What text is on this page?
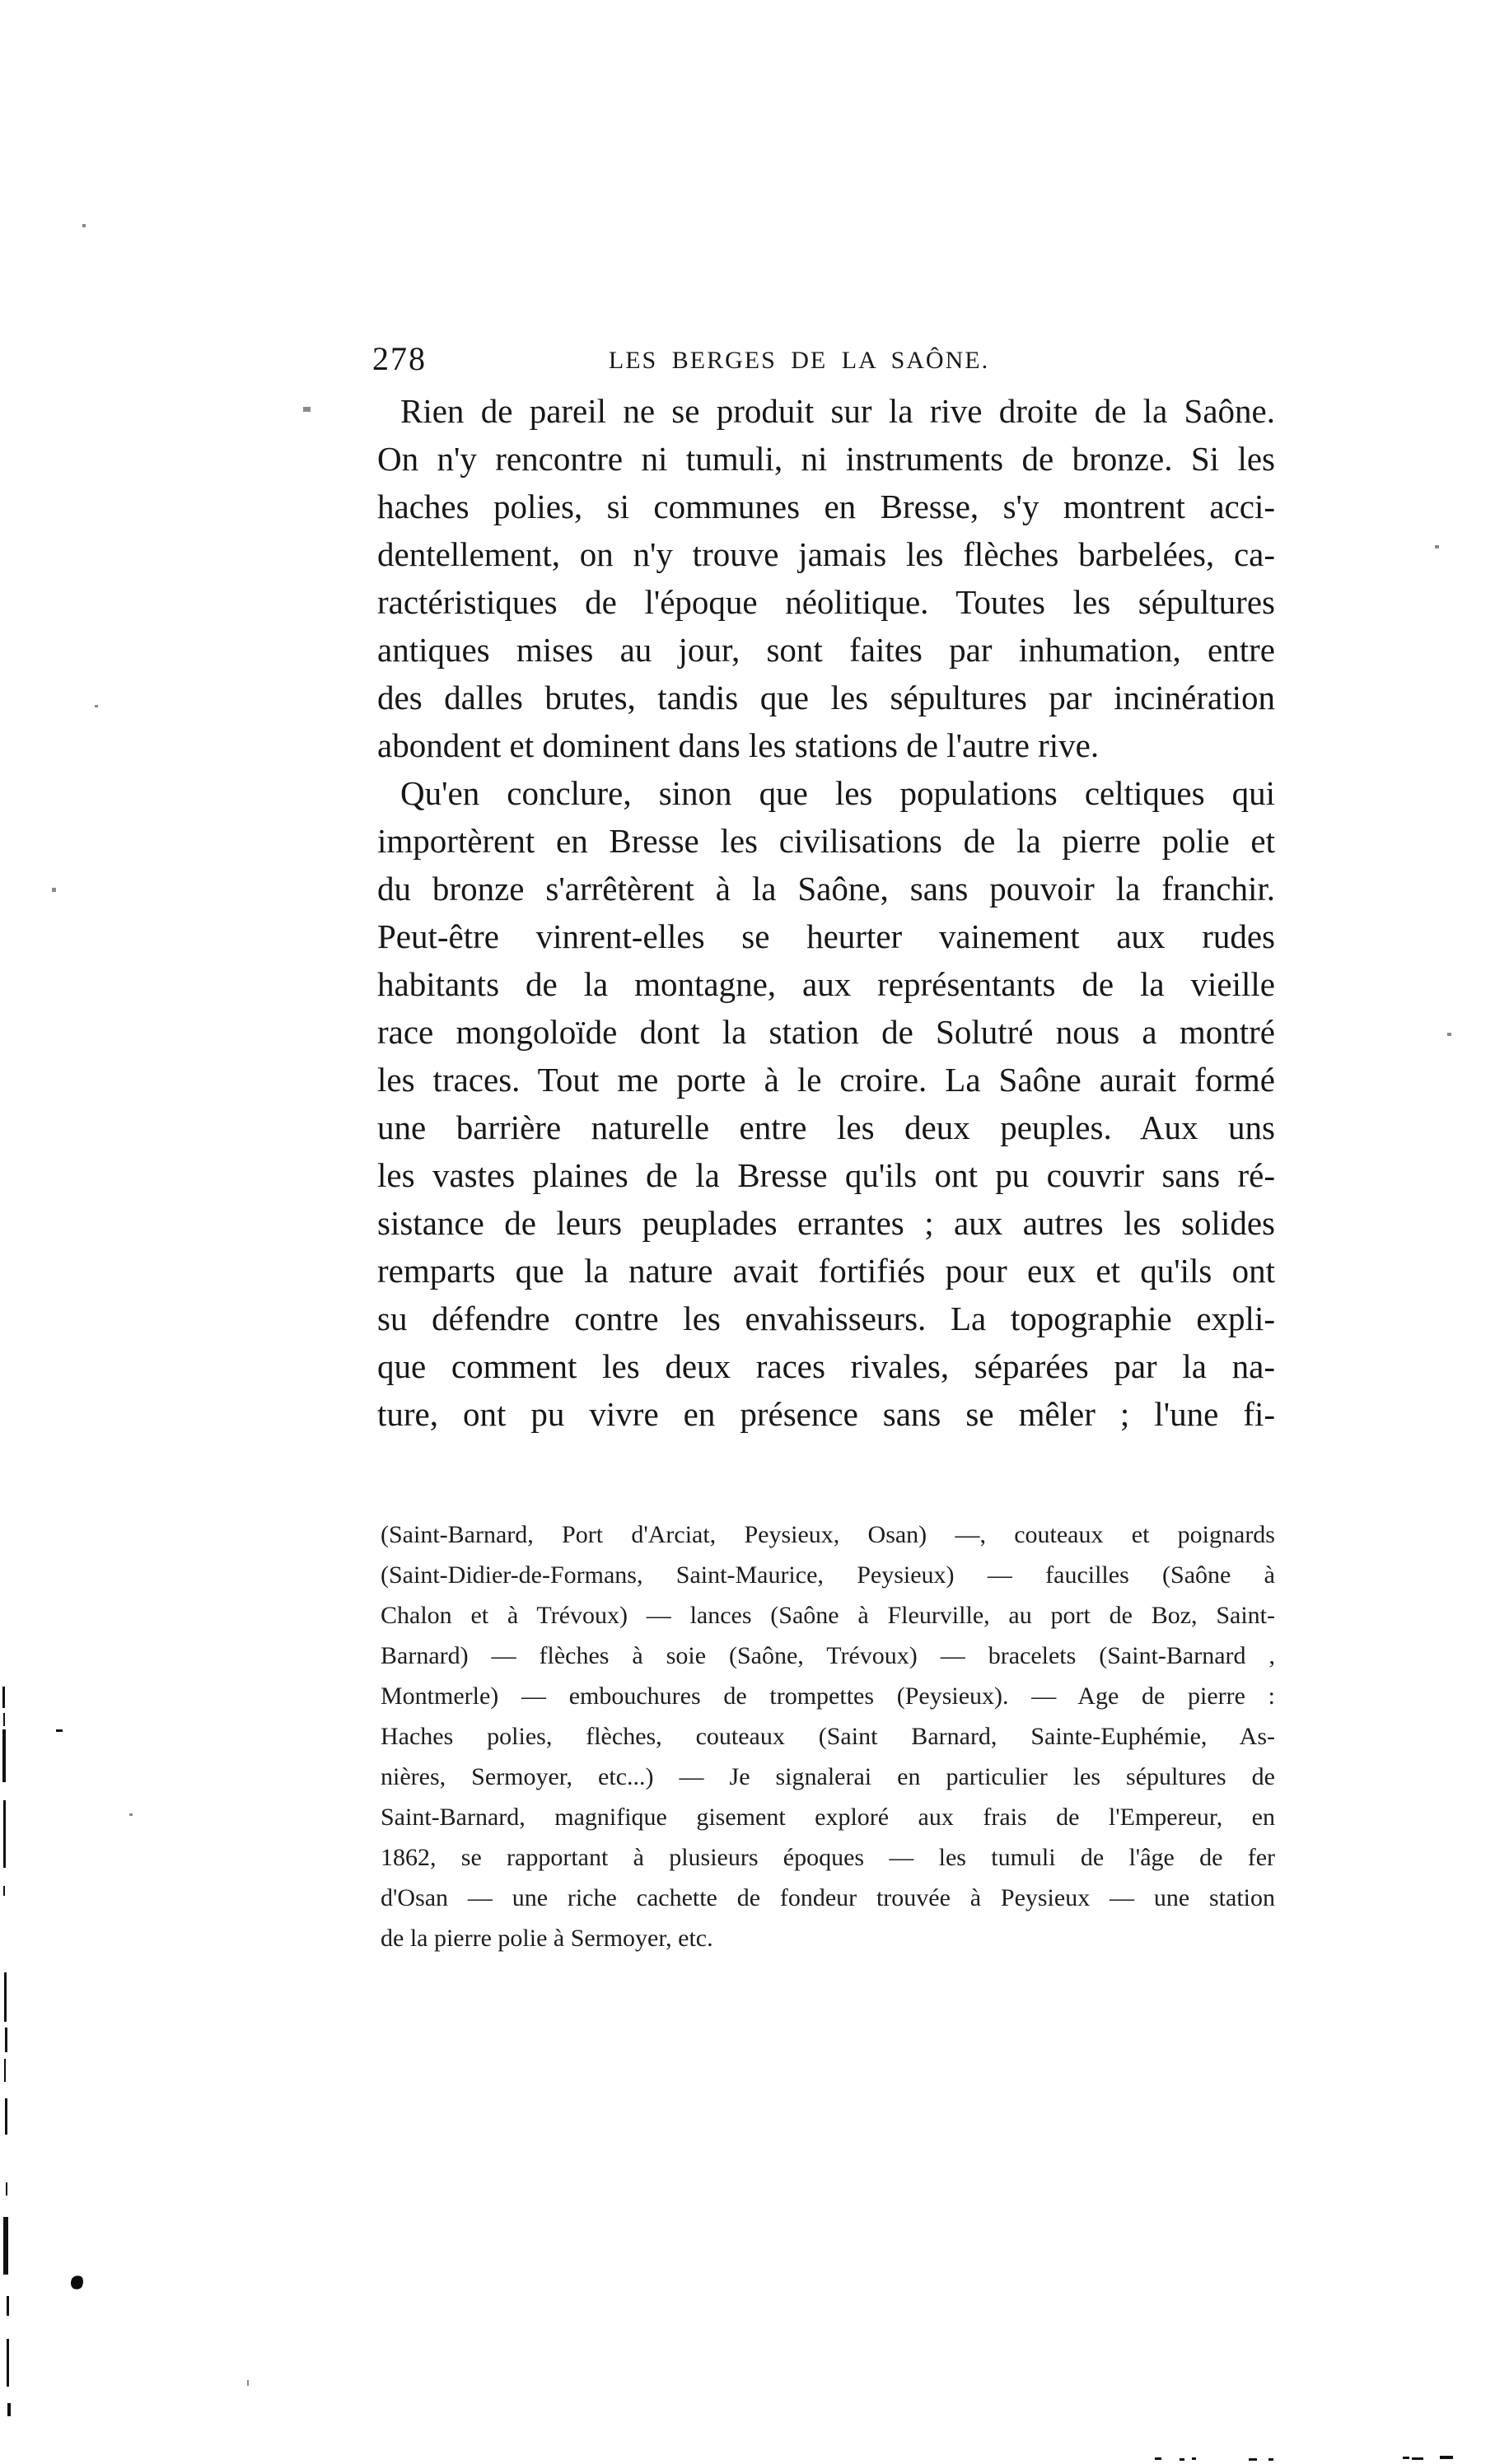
278	LES BERGES DE LA SAÔNE.
Rien de pareil ne se produit sur la rive droite de la Saône.
On n'y rencontre ni tumuli, ni instruments de bronze. Si les
haches polies, si communes en Bresse, s'y montrent acci-
dentellement, on n'y trouve jamais les flèches barbelées, ca-
ractéristiques de l'époque néolitique. Toutes les sépultures
antiques mises au jour, sont faites par inhumation, entre
des dalles brutes, tandis que les sépultures par incinération
abondent et dominent dans les stations de l'autre rive.
Qu'en conclure, sinon que les populations celtiques qui
importèrent en Bresse les civilisations de la pierre polie et
du bronze s'arrêtèrent à la Saône, sans pouvoir la franchir.
Peut-être vinrent-elles se heurter vainement aux rudes
habitants de la montagne, aux représentants de la vieille
race mongoloïde dont la station de Solutré nous a montré
les traces. Tout me porte à le croire. La Saône aurait formé
une barrière naturelle entre les deux peuples. Aux uns
les vastes plaines de la Bresse qu'ils ont pu couvrir sans ré-
sistance de leurs peuplades errantes ; aux autres les solides
remparts que la nature avait fortifiés pour eux et qu'ils ont
su défendre contre les envahisseurs. La topographie expli-
que comment les deux races rivales, séparées par la na-
ture, ont pu vivre en présence sans se mêler ; l'une fi-
(Saint-Barnard, Port d'Arciat, Peysieux, Osan) —, couteaux et poignards
(Saint-Didier-de-Formans, Saint-Maurice, Peysieux) — faucilles (Saône à
Chalon et à Trévoux) — lances (Saône à Fleurville, au port de Boz, Saint-
Barnard) — flèches à soie (Saône, Trévoux) — bracelets (Saint-Barnard ,
Montmerle) — embouchures de trompettes (Peysieux). — Age de pierre :
Haches polies, flèches, couteaux (Saint Barnard, Sainte-Euphémie, As-
nières, Sermoyer, etc...) — Je signalerai en particulier les sépultures de
Saint-Barnard, magnifique gisement exploré aux frais de l'Empereur, en
1862, se rapportant à plusieurs époques — les tumuli de l'âge de fer
d'Osan — une riche cachette de fondeur trouvée à Peysieux — une station
de la pierre polie à Sermoyer, etc.
